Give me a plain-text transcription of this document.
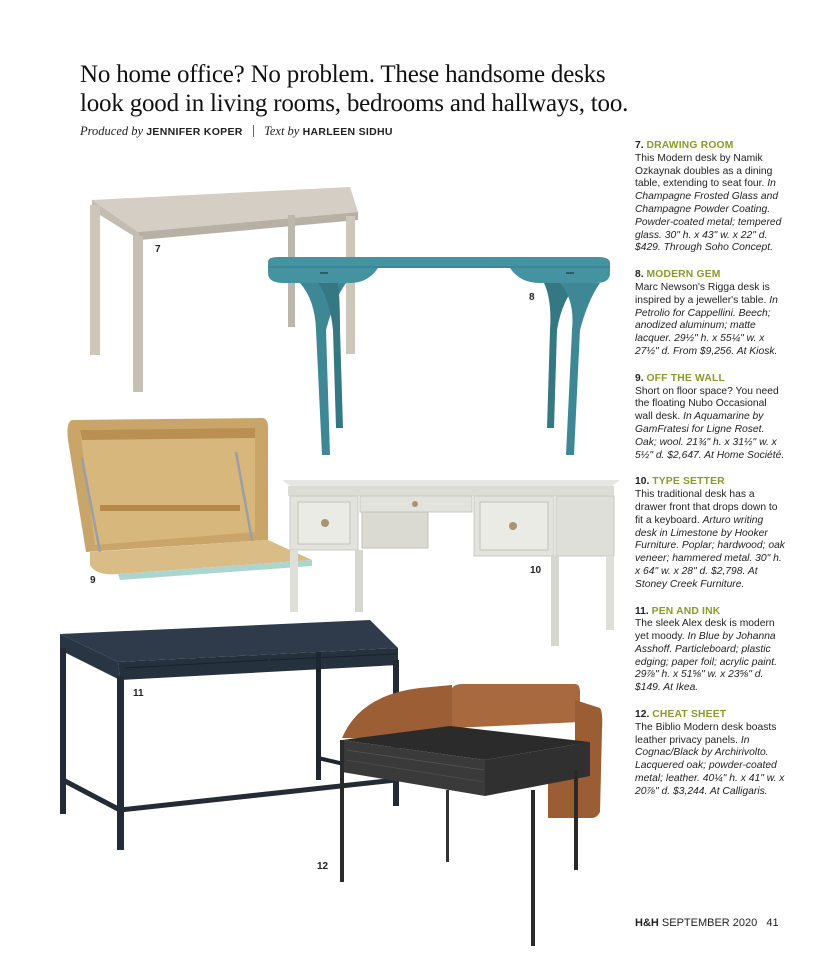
No home office? No problem. These handsome desks
look good in living rooms, bedrooms and hallways, too.
Produced by JENNIFER KOPER Text by HARLEEN SIDHU
7
8
9
10
11
12
7. DRAWING ROOM
This Modern desk by Namik Ozkaynak doubles as a dining table, extending to seat four. In Champagne Frosted Glass and Champagne Powder Coating. Powder-coated metal; tempered glass. 30" h. x 43" w. x 22" d. $429. Through Soho Concept.
8. MODERN GEM
Marc Newson's Rigga desk is inspired by a jeweller's table. In Petrolio for Cappellini. Beech; anodized aluminum; matte lacquer. 29½" h. x 55¼" w. x 27½" d. From $9,256. At Kiosk.
9. OFF THE WALL
Short on floor space? You need the floating Nubo Occasional wall desk. In Aquamarine by GamFratesi for Ligne Roset. Oak; wool. 21¾" h. x 31½" w. x 5½" d. $2,647. At Home Société.
10. TYPE SETTER
This traditional desk has a drawer front that drops down to fit a keyboard. Arturo writing desk in Limestone by Hooker Furniture. Poplar; hardwood; oak veneer; hammered metal. 30" h. x 64" w. x 28" d. $2,798. At Stoney Creek Furniture.
11. PEN AND INK
The sleek Alex desk is modern yet moody. In Blue by Johanna Asshoff. Particleboard; plastic edging; paper foil; acrylic paint. 29⅞" h. x 51⅝" w. x 23⅝" d. $149. At Ikea.
12. CHEAT SHEET
The Biblio Modern desk boasts leather privacy panels. In Cognac/Black by Archirivolto. Lacquered oak; powder-coated metal; leather. 40¼" h. x 41" w. x 20⅞" d. $3,244. At Calligaris.
H&H SEPTEMBER 2020 41
